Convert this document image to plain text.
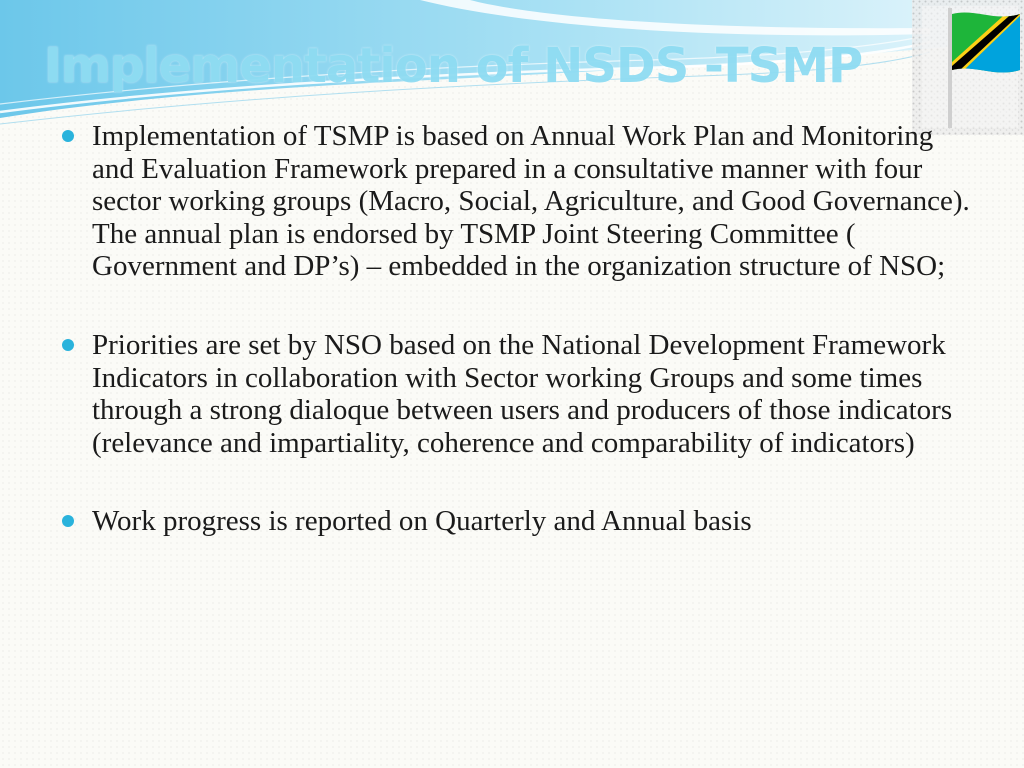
Implementation of NSDS -TSMP

Implementation of TSMP is based on Annual Work Plan and Monitoring and Evaluation Framework prepared in a consultative manner with four sector working groups (Macro, Social, Agriculture, and Good Governance). The annual plan is endorsed by TSMP Joint Steering Committee ( Government and DP’s) – embedded in the organization structure of NSO;

Priorities are set by NSO based on the National Development Framework Indicators in collaboration with Sector working Groups and some times through a strong dialoque between users and producers of those indicators (relevance and impartiality, coherence and comparability of indicators)

Work progress is reported on Quarterly and Annual basis
